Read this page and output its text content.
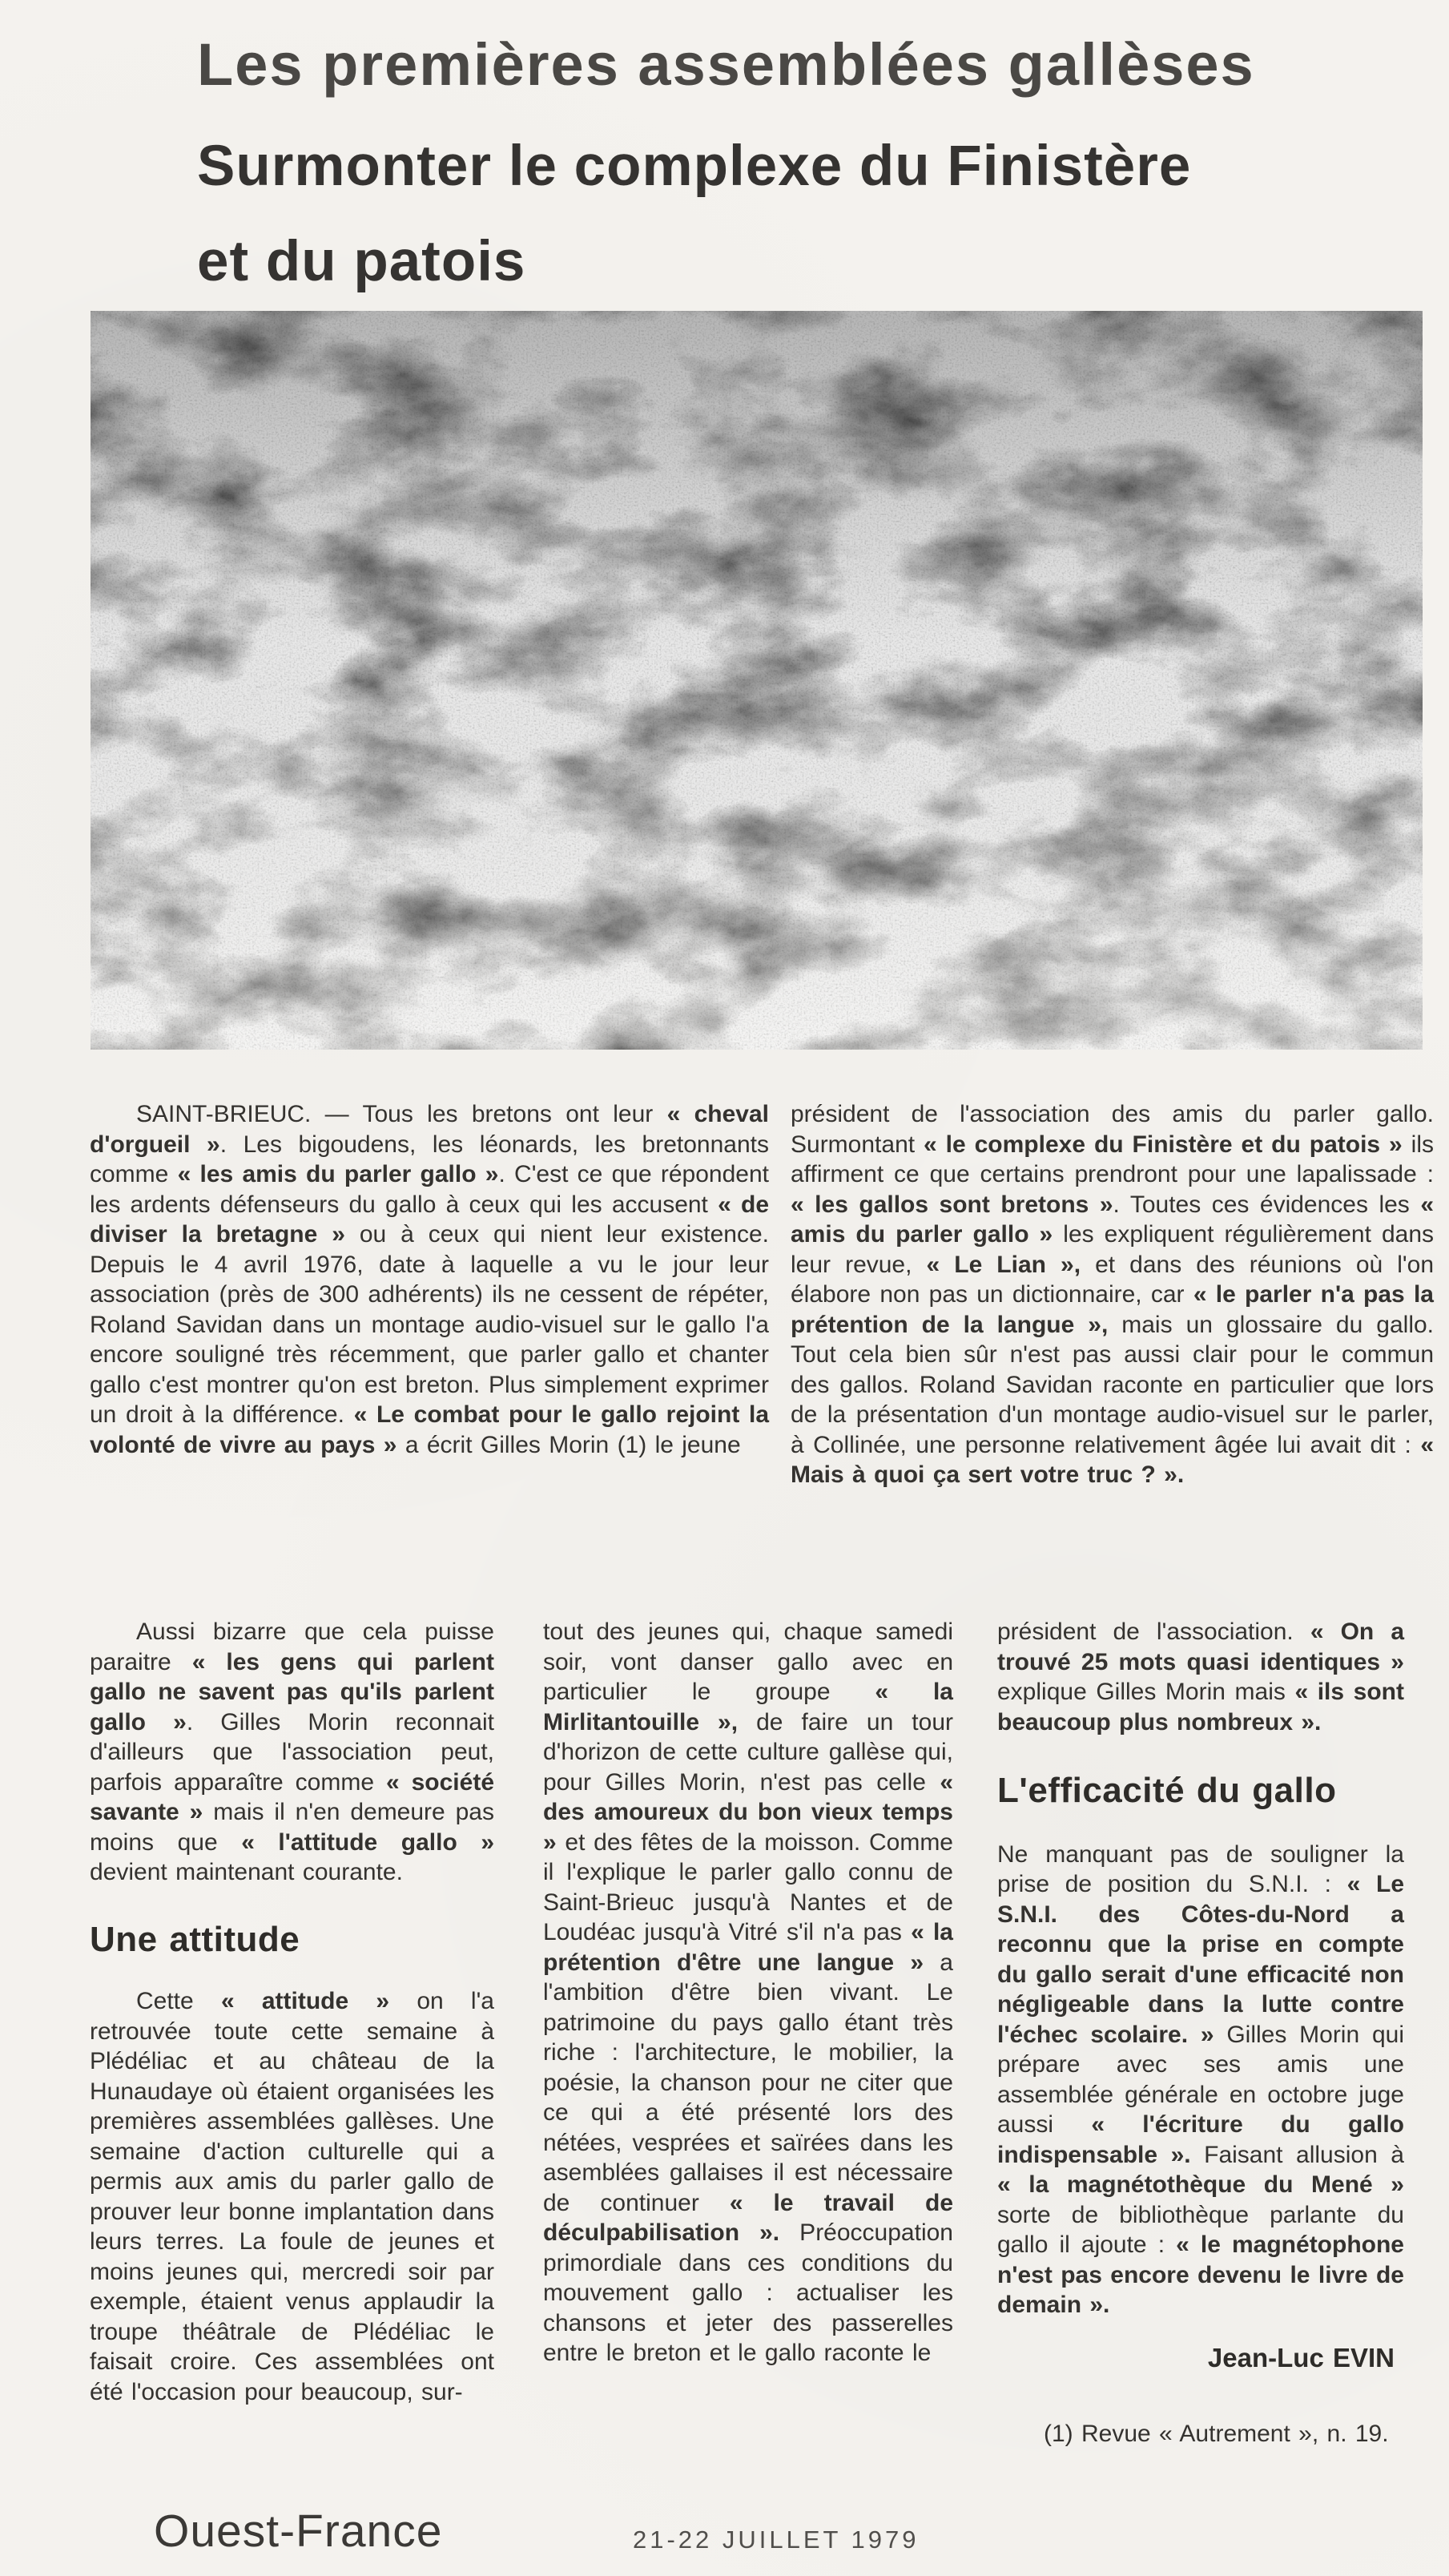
Les premières assemblées gallèses
Surmonter le complexe du Finistère
et du patois

SAINT-BRIEUC. — Tous les bretons ont leur « cheval d'orgueil ». Les bigoudens, les léonards, les bretonnants comme « les amis du parler gallo ». C'est ce que répondent les ardents défenseurs du gallo à ceux qui les accusent « de diviser la bretagne » ou à ceux qui nient leur existence. Depuis le 4 avril 1976, date à laquelle a vu le jour leur association (près de 300 adhérents) ils ne cessent de répéter, Roland Savidan dans un montage audio-visuel sur le gallo l'a encore souligné très récemment, que parler gallo et chanter gallo c'est montrer qu'on est breton. Plus simplement exprimer un droit à la différence. « Le combat pour le gallo rejoint la volonté de vivre au pays » a écrit Gilles Morin (1) le jeune

président de l'association des amis du parler gallo. Surmontant « le complexe du Finistère et du patois » ils affirment ce que certains prendront pour une lapalissade : « les gallos sont bretons ». Toutes ces évidences les « amis du parler gallo » les expliquent régulièrement dans leur revue, « Le Lian », et dans des réunions où l'on élabore non pas un dictionnaire, car « le parler n'a pas la prétention de la langue », mais un glossaire du gallo. Tout cela bien sûr n'est pas aussi clair pour le commun des gallos. Roland Savidan raconte en particulier que lors de la présentation d'un montage audio-visuel sur le parler, à Collinée, une personne relativement âgée lui avait dit : « Mais à quoi ça sert votre truc ? ».

Aussi bizarre que cela puisse paraitre « les gens qui parlent gallo ne savent pas qu'ils parlent gallo ». Gilles Morin reconnait d'ailleurs que l'association peut, parfois apparaître comme « société savante » mais il n'en demeure pas moins que « l'attitude gallo » devient maintenant courante.

Une attitude

Cette « attitude » on l'a retrouvée toute cette semaine à Plédéliac et au château de la Hunaudaye où étaient organisées les premières assemblées gallèses. Une semaine d'action culturelle qui a permis aux amis du parler gallo de prouver leur bonne implantation dans leurs terres. La foule de jeunes et moins jeunes qui, mercredi soir par exemple, étaient venus applaudir la troupe théâtrale de Plédéliac le faisait croire. Ces assemblées ont été l'occasion pour beaucoup, sur-

tout des jeunes qui, chaque samedi soir, vont danser gallo avec en particulier le groupe « la Mirlitantouille », de faire un tour d'horizon de cette culture gallèse qui, pour Gilles Morin, n'est pas celle « des amoureux du bon vieux temps » et des fêtes de la moisson. Comme il l'explique le parler gallo connu de Saint-Brieuc jusqu'à Nantes et de Loudéac jusqu'à Vitré s'il n'a pas « la prétention d'être une langue » a l'ambition d'être bien vivant. Le patrimoine du pays gallo étant très riche : l'architecture, le mobilier, la poésie, la chanson pour ne citer que ce qui a été présenté lors des nétées, vesprées et saïrées dans les asemblées gallaises il est nécessaire de continuer « le travail de déculpabilisation ». Préoccupation primordiale dans ces conditions du mouvement gallo : actualiser les chansons et jeter des passerelles entre le breton et le gallo raconte le

président de l'association. « On a trouvé 25 mots quasi identiques » explique Gilles Morin mais « ils sont beaucoup plus nombreux ».

L'efficacité du gallo

Ne manquant pas de souligner la prise de position du S.N.I. : « Le S.N.I. des Côtes-du-Nord a reconnu que la prise en compte du gallo serait d'une efficacité non négligeable dans la lutte contre l'échec scolaire. » Gilles Morin qui prépare avec ses amis une assemblée générale en octobre juge aussi « l'écriture du gallo indispensable ». Faisant allusion à « la magnétothèque du Mené » sorte de bibliothèque parlante du gallo il ajoute : « le magnétophone n'est pas encore devenu le livre de demain ».

Jean-Luc EVIN

(1) Revue « Autrement », n. 19.

Ouest-France	21-22 JUILLET 1979
